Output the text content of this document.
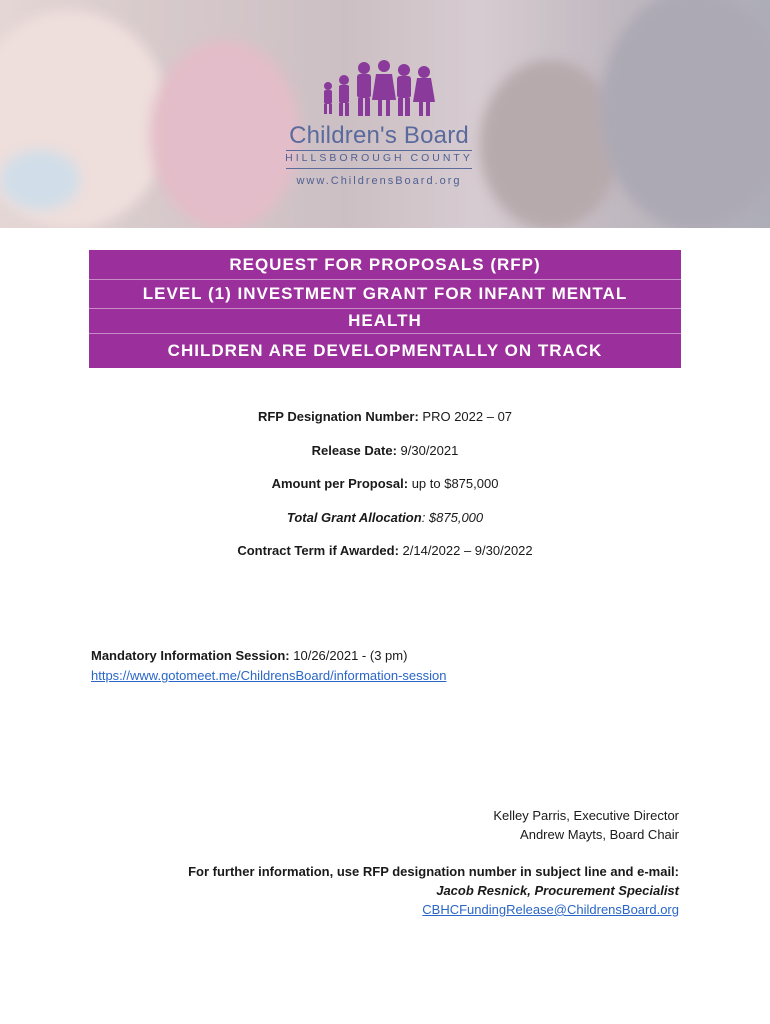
Children's Board
HILLSBOROUGH COUNTY
www.ChildrensBoard.org
REQUEST FOR PROPOSALS (RFP)
LEVEL (1) INVESTMENT GRANT FOR INFANT MENTAL
HEALTH
CHILDREN ARE DEVELOPMENTALLY ON TRACK
RFP Designation Number: PRO 2022 – 07
Release Date: 9/30/2021
Amount per Proposal: up to $875,000
Total Grant Allocation: $875,000
Contract Term if Awarded: 2/14/2022 – 9/30/2022
Mandatory Information Session: 10/26/2021 - (3 pm)
https://www.gotomeet.me/ChildrensBoard/information-session
Kelley Parris, Executive Director
Andrew Mayts, Board Chair
For further information, use RFP designation number in subject line and e-mail:
Jacob Resnick, Procurement Specialist
CBHCFundingRelease@ChildrensBoard.org
